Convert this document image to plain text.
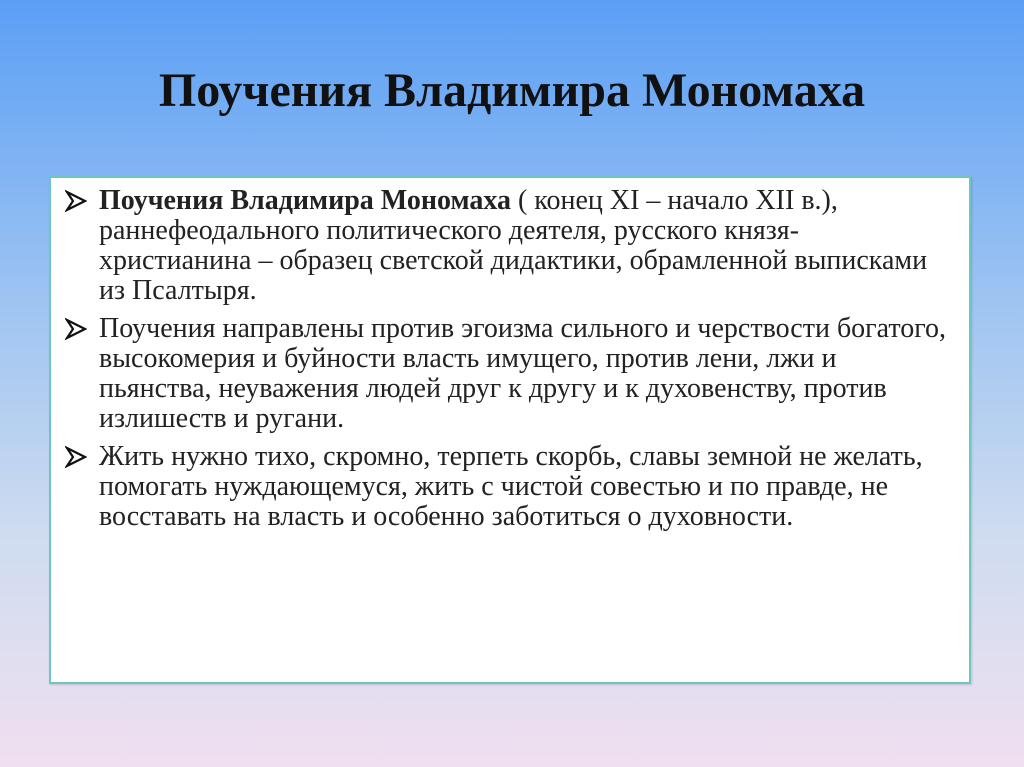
Поучения Владимира Мономаха
Поучения Владимира Мономаха ( конец XI – начало XII в.), раннефеодального политического деятеля, русского князя-христианина – образец светской дидактики, обрамленной выписками из Псалтыря.
Поучения направлены против эгоизма сильного и черствости богатого, высокомерия и буйности власть имущего, против лени, лжи и пьянства, неуважения людей друг к другу и к духовенству, против излишеств и ругани.
Жить нужно тихо, скромно, терпеть скорбь, славы земной не желать, помогать нуждающемуся, жить с чистой совестью и по правде, не восставать на власть и особенно заботиться о духовности.
